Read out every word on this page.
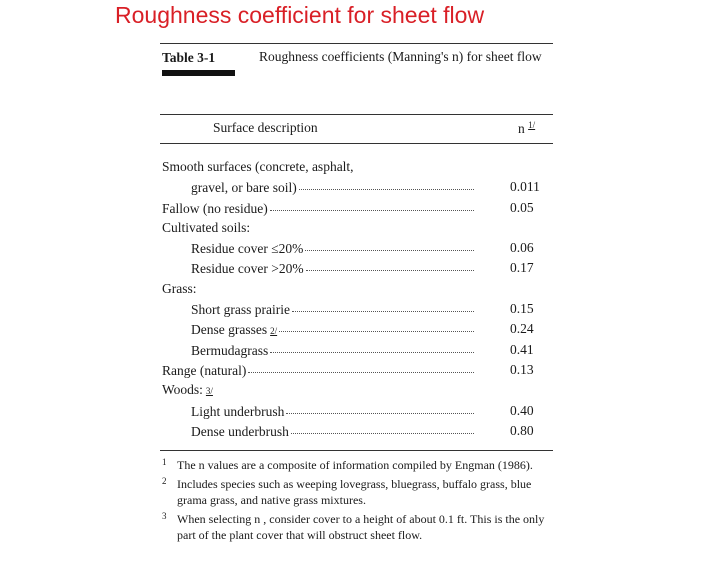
Roughness coefficient for sheet flow
Table 3-1	Roughness coefficients (Manning's n) for sheet flow
Surface description	n $^{1/}$
Smooth surfaces (concrete, asphalt,
gravel, or bare soil)	0.011
Fallow (no residue)	0.05
Cultivated soils:
Residue cover ≤20%	0.06
Residue cover >20%	0.17
Grass:
Short grass prairie	0.15
Dense grasses 2/	0.24
Bermudagrass	0.41
Range (natural)	0.13
Woods: 3/
Light underbrush	0.40
Dense underbrush	0.80
1 The n values are a composite of information compiled by Engman (1986).
2 Includes species such as weeping lovegrass, bluegrass, buffalo grass, blue grama grass, and native grass mixtures.
3 When selecting n , consider cover to a height of about 0.1 ft. This is the only part of the plant cover that will obstruct sheet flow.
